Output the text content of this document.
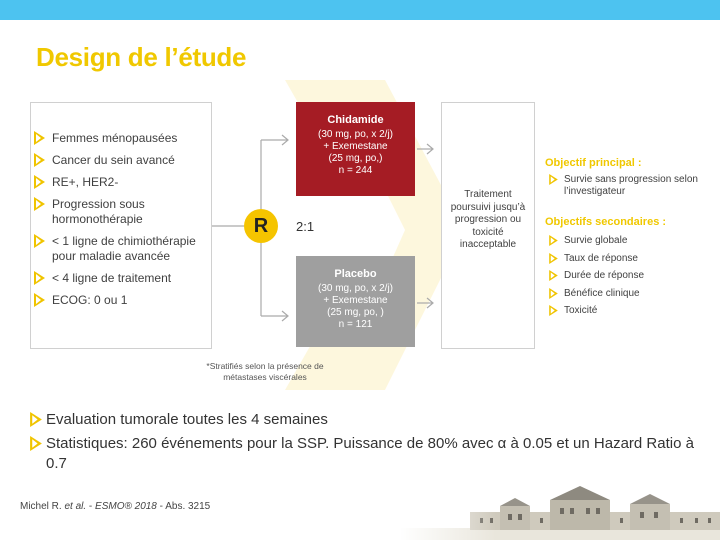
Design de l’étude
Femmes ménopausées
Cancer du sein avancé
RE+, HER2-
Progression sous hormonothérapie
< 1 ligne de chimiothérapie pour maladie avancée
< 4 ligne de traitement
ECOG: 0 ou 1
R	2:1
Chidamide
(30 mg, po, x 2/j)
+ Exemestane
(25 mg, po,)
n = 244
Placebo
(30 mg, po, x 2/j)
+ Exemestane
(25 mg, po, )
n = 121
Traitement poursuivi jusqu’à progression ou toxicité inacceptable
Objectif principal :
Survie sans progression selon l’investigateur
Objectifs secondaires :
Survie globale
Taux de réponse
Durée de réponse
Bénéfice clinique
Toxicité
*Stratifiés selon la présence de métastases viscérales
Evaluation tumorale toutes les 4 semaines
Statistiques: 260 événements pour la SSP. Puissance de 80% avec α à 0.05 et un Hazard Ratio à 0.7
Michel R. et al. - ESMO® 2018 - Abs. 3215
